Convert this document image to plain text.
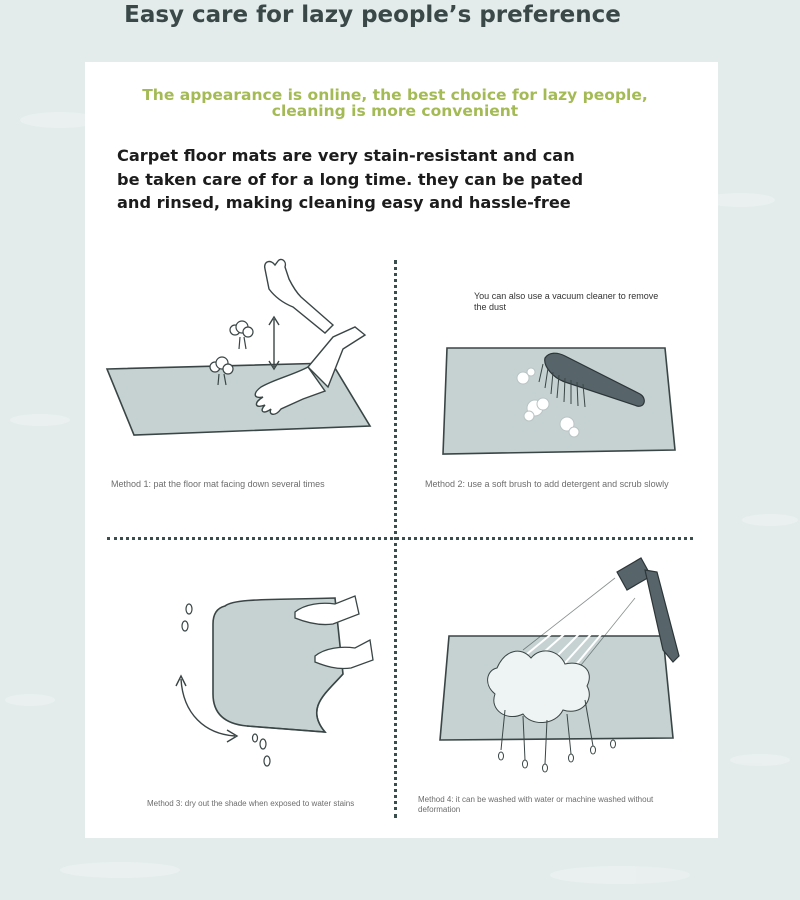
Easy care for lazy people’s preference
The appearance is online, the best choice for lazy people,
cleaning is more convenient
Carpet floor mats are very stain-resistant and can be taken care of for a long time. they can be pated and rinsed, making cleaning easy and hassle-free
Method 1: pat the floor mat facing down several times
You can also use a vacuum cleaner to remove the dust
Method 2: use a soft brush to add detergent and scrub slowly
Method 3: dry out the shade when exposed to water stains	Method 4: it can be washed with water or machine washed without deformation
